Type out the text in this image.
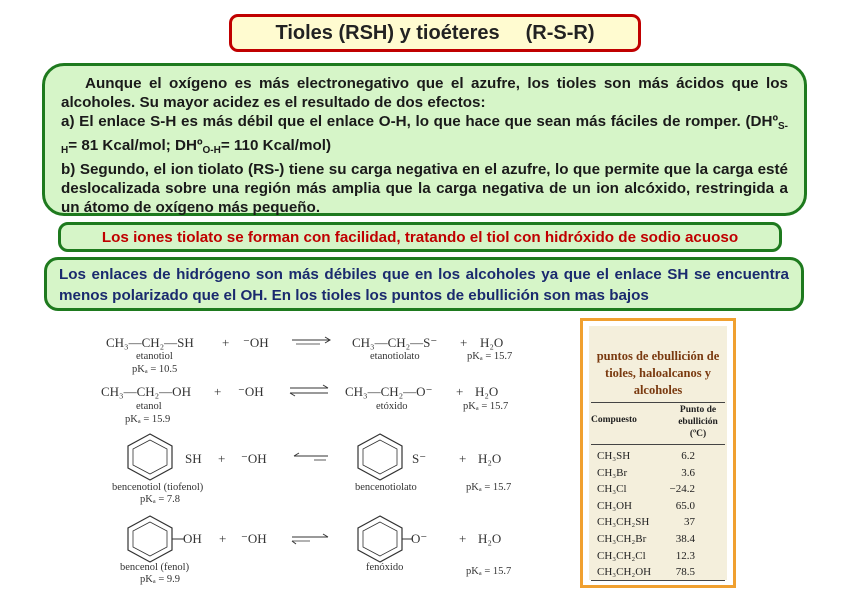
Tioles (RSH) y tioéteres (R-S-R)

Aunque el oxígeno es más electronegativo que el azufre, los tioles son más ácidos que los alcoholes. Su mayor acidez es el resultado de dos efectos:

a) El enlace S-H es más débil que el enlace O-H, lo que hace que sean más fáciles de romper. (DHº$_{S-H}$= 81 Kcal/mol; DHº$_{O-H}$= 110 Kcal/mol)

b) Segundo, el ion tiolato (RS-) tiene su carga negativa en el azufre, lo que permite que la carga esté deslocalizada sobre una región más amplia que la carga negativa de un ion alcóxido, restringida a un átomo de oxígeno más pequeño.

Los iones tiolato se forman con facilidad, tratando el tiol con hidróxido de sodio acuoso
Los enlaces de hidrógeno son más débiles que en los alcoholes ya que el enlace SH se encuentra menos polarizado que el OH. En los tioles los puntos de ebullición son mas bajos
CH₃—CH₂—SH + ⁻OH	CH₃—CH₂—S⁻ + H₂O
etanotiol
pKₐ = 10.5
etanotiolato	pKₐ = 15.7
CH₃—CH₂—OH + ⁻OH	CH₃—CH₂—O⁻ + H₂O
etanol
pKₐ = 15.9
etóxido	pKₐ = 15.7
SH + ⁻OH	S⁻	+ H₂O
bencenotiol (tiofenol)
pKₐ = 7.8
bencenotiolato	pKₐ = 15.7
OH + ⁻OH	O⁻ + H₂O
bencenol (fenol)
pKₐ = 9.9
fenóxido	pKₐ = 15.7
puntos de ebullición de tioles, haloalcanos y alcoholes
Compuesto
Punto de ebullición (ºC)
CH₃SH	6.2
CH₃Br	3.6
CH₃Cl	−24.2
CH₃OH	65.0
CH₃CH₂SH	37
CH₃CH₂Br	38.4
CH₃CH₂Cl	12.3
CH₃CH₂OH 78.5
